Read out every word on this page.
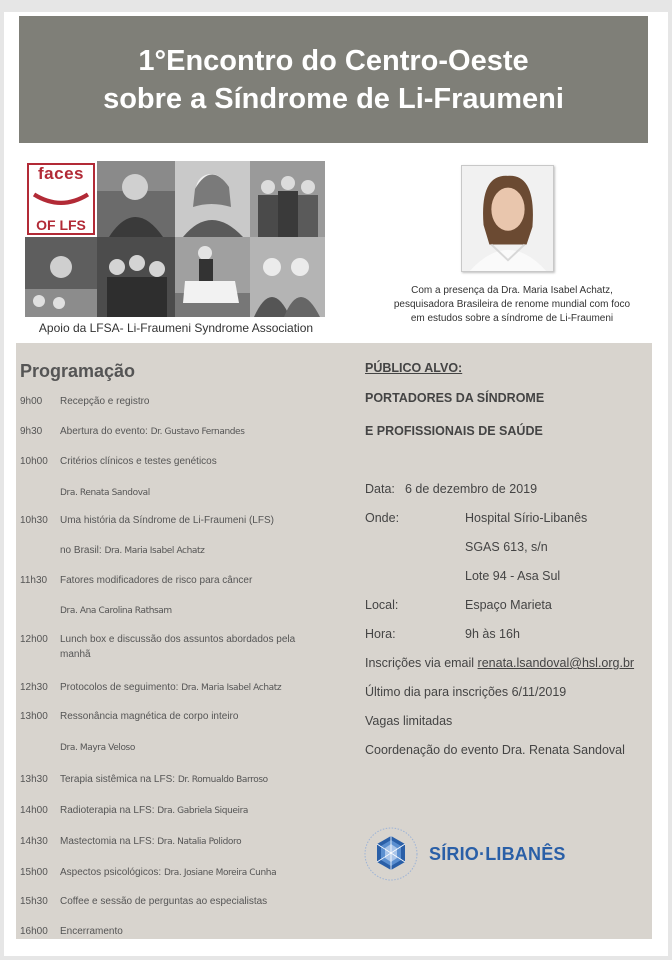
1°Encontro do Centro-Oeste
sobre a Síndrome de Li-Fraumeni
faces
OF LFS
Apoio da LFSA- Li-Fraumeni Syndrome Association
Com a presença da Dra. Maria Isabel Achatz,
pesquisadora Brasileira de renome mundial com foco
em estudos sobre a síndrome de Li-Fraumeni
Programação
9h00	Recepção e registro
9h30	Abertura do evento: Dr. Gustavo Fernandes
10h00	Critérios clínicos e testes genéticos
Dra. Renata Sandoval
10h30	Uma história da Síndrome de Li-Fraumeni (LFS)
no Brasil: Dra. Maria Isabel Achatz
11h30	Fatores modificadores de risco para câncer
Dra. Ana Carolina Rathsam
12h00	Lunch box e discussão dos assuntos abordados pela manhã
12h30	Protocolos de seguimento: Dra. Maria Isabel Achatz
13h00	Ressonância magnética de corpo inteiro
Dra. Mayra Veloso
13h30	Terapia sistêmica na LFS: Dr. Romualdo Barroso
14h00	Radioterapia na LFS: Dra. Gabriela Siqueira
14h30	Mastectomia na LFS: Dra. Natalia Polidoro
15h00	Aspectos psicológicos: Dra. Josiane Moreira Cunha
15h30	Coffee e sessão de perguntas ao especialistas
16h00	Encerramento
PÚBLICO ALVO:
PORTADORES DA SÍNDROME
E PROFISSIONAIS DE SAÚDE
Data: 6 de dezembro de 2019
Onde:	Hospital Sírio-Libanês
SGAS 613, s/n
Lote 94 - Asa Sul
Local:	Espaço Marieta
Hora:	9h às 16h
Inscrições via email renata.lsandoval@hsl.org.br
Último dia para inscrições 6/11/2019
Vagas limitadas
Coordenação do evento Dra. Renata Sandoval
SÍRIO·LIBANÊS
